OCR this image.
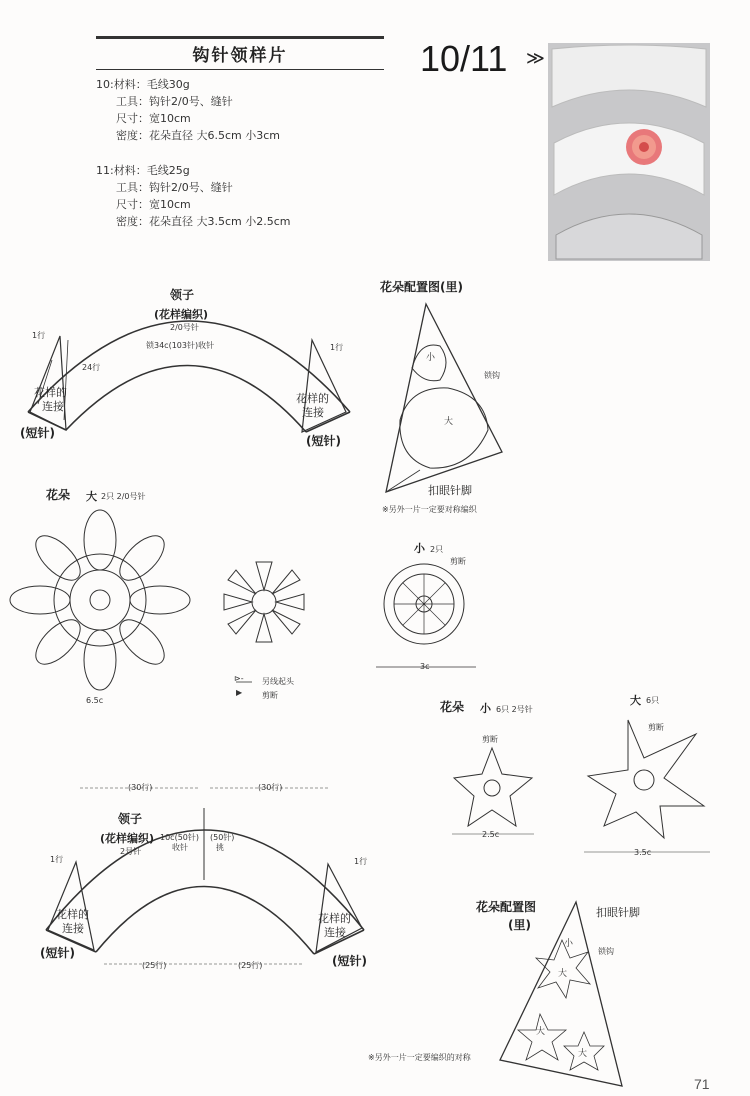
钩针领样片	10/11 ≫
10:材料：毛线30g
工具：钩针2/0号、缝针
尺寸：宽10cm
密度：花朵直径 大6.5cm 小3cm
11:材料：毛线25g
工具：钩针2/0号、缝针
尺寸：宽10cm
密度：花朵直径 大3.5cm 小2.5cm
领子
(花样编织)
2/0号针
锁34c(103针)收针
1行
24行
1行
花样的
连接
花样的
连接
(短针)
(短针)
花朵配置图(里)
小
大
锁钩
扣眼针脚
※另外一片一定要对称编织
花朵 大 2只 2/0号针
6.5c
小 2只
剪断
3c
⊳- 另线起头
▶ 剪断
花朵 小 6只 2号针
大 6只
剪断
剪断
2.5c
3.5c
(30行)	(30行)
领子
(花样编织)
2号针
10c(50针)
收针
(50针)
挑
1行	1行
花样的
连接
花样的
连接
(短针)
(短针)
(25行)	(25行)
花朵配置图
(里)
扣眼针脚
锁钩
小
大
大
大
※另外一片一定要编织的对称
71
